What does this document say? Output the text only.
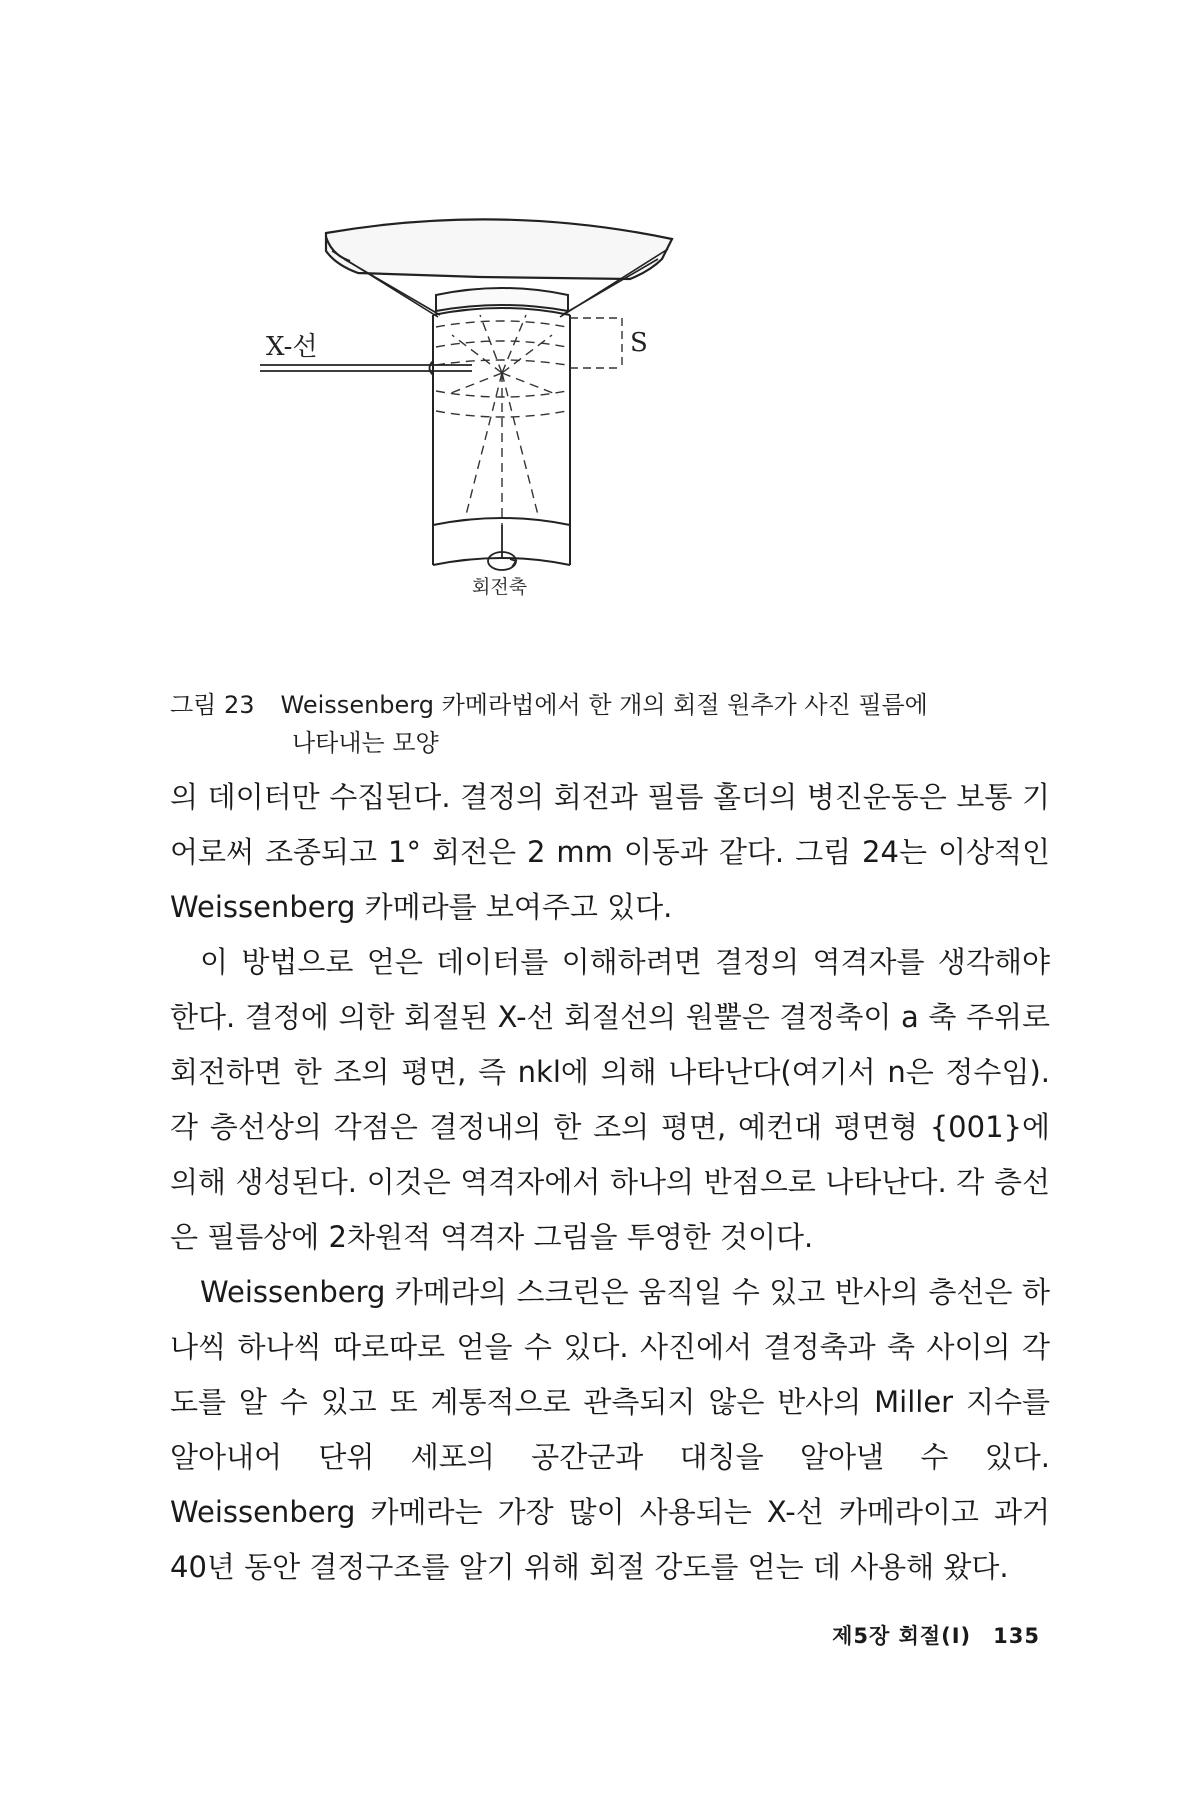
S
X-선
회전축
그림 23 Weissenberg 카메라법에서 한 개의 회절 원추가 사진 필름에
나타내는 모양

의 데이터만 수집된다. 결정의 회전과 필름 홀더의 병진운동은 보통 기어로써 조종되고 1° 회전은 2 mm 이동과 같다. 그림 24는 이상적인 Weissenberg 카메라를 보여주고 있다.

이 방법으로 얻은 데이터를 이해하려면 결정의 역격자를 생각해야 한다. 결정에 의한 회절된 X-선 회절선의 원뿔은 결정축이 a 축 주위로 회전하면 한 조의 평면, 즉 nkl에 의해 나타난다(여기서 n은 정수임). 각 층선상의 각점은 결정내의 한 조의 평면, 예컨대 평면형 {001}에 의해 생성된다. 이것은 역격자에서 하나의 반점으로 나타난다. 각 층선은 필름상에 2차원적 역격자 그림을 투영한 것이다.

Weissenberg 카메라의 스크린은 움직일 수 있고 반사의 층선은 하나씩 하나씩 따로따로 얻을 수 있다. 사진에서 결정축과 축 사이의 각도를 알 수 있고 또 계통적으로 관측되지 않은 반사의 Miller 지수를 알아내어 단위 세포의 공간군과 대칭을 알아낼 수 있다. Weissenberg 카메라는 가장 많이 사용되는 X-선 카메라이고 과거 40년 동안 결정구조를 알기 위해 회절 강도를 얻는 데 사용해 왔다.

제5장 회절(Ⅰ) 135
